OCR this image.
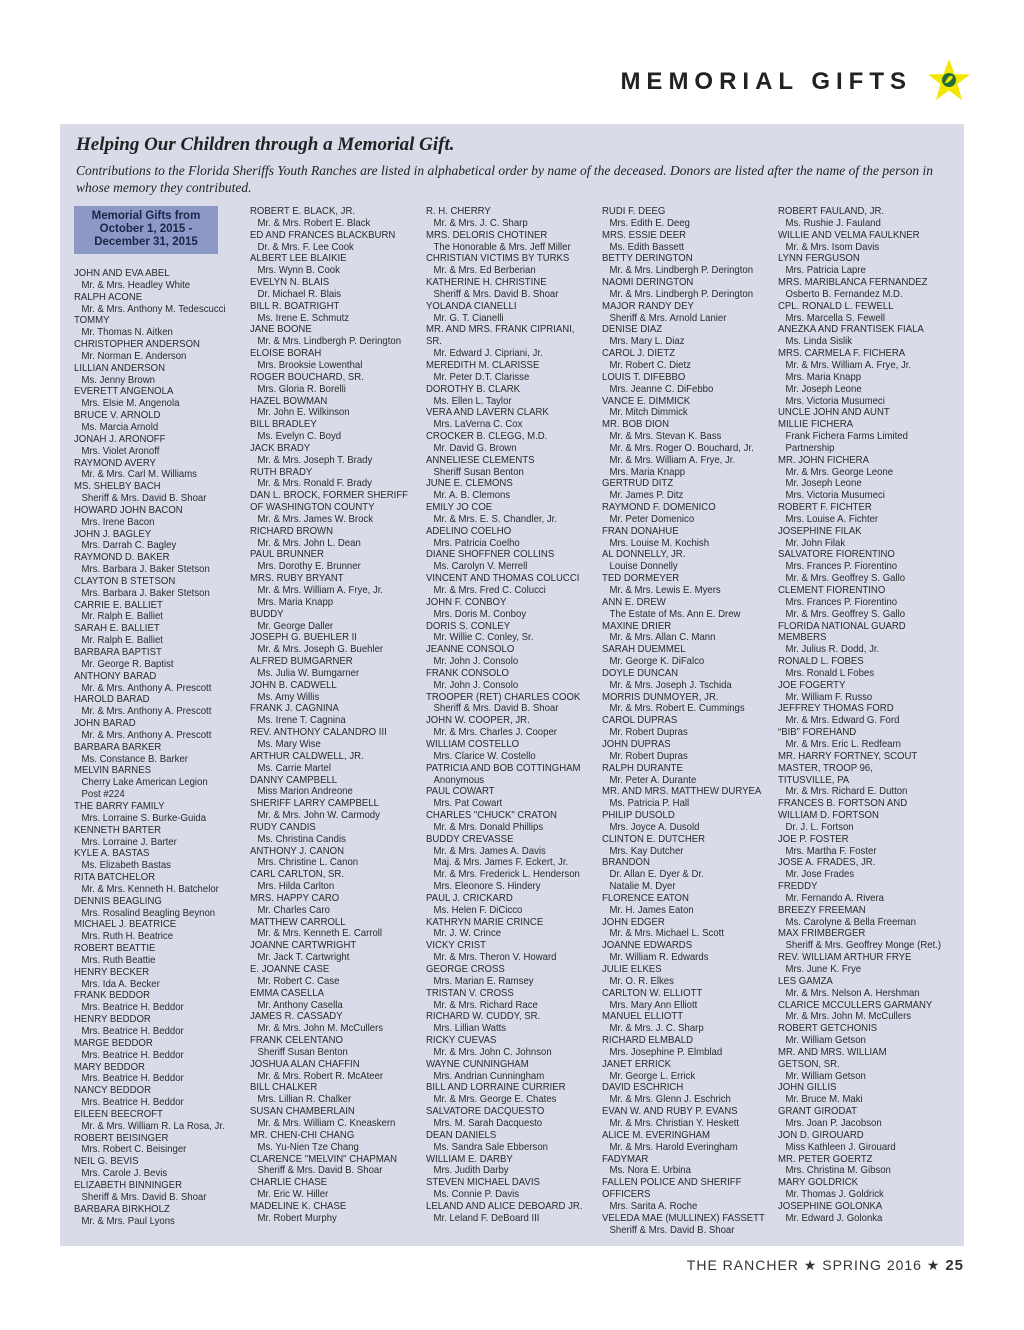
MEMORIAL GIFTS
Helping Our Children through a Memorial Gift.
Contributions to the Florida Sheriffs Youth Ranches are listed in alphabetical order by name of the deceased. Donors are listed after the name of the person in whose memory they contributed.
Memorial Gifts from October 1, 2015 - December 31, 2015
JOHN AND EVA ABEL
Mr. & Mrs. Headley White
RALPH ACONE
Mr. & Mrs. Anthony M. Tedescucci
TOMMY
Mr. Thomas N. Aitken
CHRISTOPHER ANDERSON
Mr. Norman E. Anderson
LILLIAN ANDERSON
Ms. Jenny Brown
EVERETT ANGENOLA
Mrs. Elsie M. Angenola
BRUCE V. ARNOLD
Ms. Marcia Arnold
JONAH J. ARONOFF
Mrs. Violet Aronoff
RAYMOND AVERY
Mr. & Mrs. Carl M. Williams
MS. SHELBY BACH
Sheriff & Mrs. David B. Shoar
HOWARD JOHN BACON
Mrs. Irene Bacon
JOHN J. BAGLEY
Mrs. Darrah C. Bagley
RAYMOND D. BAKER
Mrs. Barbara J. Baker Stetson
CLAYTON B STETSON
Mrs. Barbara J. Baker Stetson
CARRIE E. BALLIET
Mr. Ralph E. Balliet
SARAH E. BALLIET
Mr. Ralph E. Balliet
BARBARA BAPTIST
Mr. George R. Baptist
ANTHONY BARAD
Mr. & Mrs. Anthony A. Prescott
HAROLD BARAD
Mr. & Mrs. Anthony A. Prescott
JOHN BARAD
Mr. & Mrs. Anthony A. Prescott
BARBARA BARKER
Ms. Constance B. Barker
MELVIN BARNES
Cherry Lake American Legion
Post #224
THE BARRY FAMILY
Mrs. Lorraine S. Burke-Guida
KENNETH BARTER
Mrs. Lorraine J. Barter
KYLE A. BASTAS
Ms. Elizabeth Bastas
RITA BATCHELOR
Mr. & Mrs. Kenneth H. Batchelor
DENNIS BEAGLING
Mrs. Rosalind Beagling Beynon
MICHAEL J. BEATRICE
Mrs. Ruth H. Beatrice
ROBERT BEATTIE
Mrs. Ruth Beattie
HENRY BECKER
Mrs. Ida A. Becker
FRANK BEDDOR
Mrs. Beatrice H. Beddor
HENRY BEDDOR
Mrs. Beatrice H. Beddor
MARGE BEDDOR
Mrs. Beatrice H. Beddor
MARY BEDDOR
Mrs. Beatrice H. Beddor
NANCY BEDDOR
Mrs. Beatrice H. Beddor
EILEEN BEECROFT
Mr. & Mrs. William R. La Rosa, Jr.
ROBERT BEISINGER
Mrs. Robert C. Beisinger
NEIL G. BEVIS
Mrs. Carole J. Bevis
ELIZABETH BINNINGER
Sheriff & Mrs. David B. Shoar
BARBARA BIRKHOLZ
Mr. & Mrs. Paul Lyons
ROBERT E. BLACK, JR.
Mr. & Mrs. Robert E. Black
ED AND FRANCES BLACKBURN
Dr. & Mrs. F. Lee Cook
ALBERT LEE BLAIKIE
Mrs. Wynn B. Cook
EVELYN N. BLAIS
Dr. Michael R. Blais
BILL R. BOATRIGHT
Ms. Irene E. Schmutz
JANE BOONE
Mr. & Mrs. Lindbergh P. Derington
ELOISE BORAH
Mrs. Brooksie Lowenthal
ROGER BOUCHARD, SR.
Mrs. Gloria R. Borelli
HAZEL BOWMAN
Mr. John E. Wilkinson
BILL BRADLEY
Ms. Evelyn C. Boyd
JACK BRADY
Mr. & Mrs. Joseph T. Brady
RUTH BRADY
Mr. & Mrs. Ronald F. Brady
DAN L. BROCK, FORMER SHERIFF
OF WASHINGTON COUNTY
Mr. & Mrs. James W. Brock
RICHARD BROWN
Mr. & Mrs. John L. Dean
PAUL BRUNNER
Mrs. Dorothy E. Brunner
MRS. RUBY BRYANT
Mr. & Mrs. William A. Frye, Jr.
Mrs. Maria Knapp
BUDDY
Mr. George Daller
JOSEPH G. BUEHLER II
Mr. & Mrs. Joseph G. Buehler
ALFRED BUMGARNER
Ms. Julia W. Bumgarner
JOHN B. CADWELL
Ms. Amy Willis
FRANK J. CAGNINA
Ms. Irene T. Cagnina
REV. ANTHONY CALANDRO III
Ms. Mary Wise
ARTHUR CALDWELL, JR.
Ms. Carrie Martel
DANNY CAMPBELL
Miss Marion Andreone
SHERIFF LARRY CAMPBELL
Mr. & Mrs. John W. Carmody
RUDY CANDIS
Ms. Christina Candis
ANTHONY J. CANON
Mrs. Christine L. Canon
CARL CARLTON, SR.
Mrs. Hilda Carlton
MRS. HAPPY CARO
Mr. Charles Caro
MATTHEW CARROLL
Mr. & Mrs. Kenneth E. Carroll
JOANNE CARTWRIGHT
Mr. Jack T. Cartwright
E. JOANNE CASE
Mr. Robert C. Case
EMMA CASELLA
Mr. Anthony Casella
JAMES R. CASSADY
Mr. & Mrs. John M. McCullers
FRANK CELENTANO
Sheriff Susan Benton
JOSHUA ALAN CHAFFIN
Mr. & Mrs. Robert R. McAteer
BILL CHALKER
Mrs. Lillian R. Chalker
SUSAN CHAMBERLAIN
Mr. & Mrs. William C. Kneaskern
MR. CHEN-CHI CHANG
Ms. Yu-Nien Tze Chang
CLARENCE "MELVIN" CHAPMAN
Sheriff & Mrs. David B. Shoar
CHARLIE CHASE
Mr. Eric W. Hiller
MADELINE K. CHASE
Mr. Robert Murphy
R. H. CHERRY
Mr. & Mrs. J. C. Sharp
MRS. DELORIS CHOTINER
The Honorable & Mrs. Jeff Miller
CHRISTIAN VICTIMS BY TURKS
Mr. & Mrs. Ed Berberian
KATHERINE H. CHRISTINE
Sheriff & Mrs. David B. Shoar
YOLANDA CIANELLI
Mr. G. T. Cianelli
MR. AND MRS. FRANK CIPRIANI,
SR.
Mr. Edward J. Cipriani, Jr.
MEREDITH M. CLARISSE
Mr. Peter D.T. Clarisse
DOROTHY B. CLARK
Ms. Ellen L. Taylor
VERA AND LAVERN CLARK
Mrs. LaVerna C. Cox
CROCKER B. CLEGG, M.D.
Mr. David G. Brown
ANNELIESE CLEMENTS
Sheriff Susan Benton
JUNE E. CLEMONS
Mr. A. B. Clemons
EMILY JO COE
Mr. & Mrs. E. S. Chandler, Jr.
ADELINO COELHO
Mrs. Patricia Coelho
DIANE SHOFFNER COLLINS
Ms. Carolyn V. Merrell
VINCENT AND THOMAS COLUCCI
Mr. & Mrs. Fred C. Colucci
JOHN F. CONBOY
Mrs. Doris M. Conboy
DORIS S. CONLEY
Mr. Willie C. Conley, Sr.
JEANNE CONSOLO
Mr. John J. Consolo
FRANK CONSOLO
Mr. John J. Consolo
TROOPER (RET) CHARLES COOK
Sheriff & Mrs. David B. Shoar
JOHN W. COOPER, JR.
Mr. & Mrs. Charles J. Cooper
WILLIAM COSTELLO
Mrs. Clarice W. Costello
PATRICIA AND BOB COTTINGHAM
Anonymous
PAUL COWART
Mrs. Pat Cowart
CHARLES "CHUCK" CRATON
Mr. & Mrs. Donald Phillips
BUDDY CREVASSE
Mr. & Mrs. James A. Davis
Maj. & Mrs. James F. Eckert, Jr.
Mr. & Mrs. Frederick L. Henderson
Mrs. Eleonore S. Hindery
PAUL J. CRICKARD
Ms. Helen F. DiCicco
KATHRYN MARIE CRINCE
Mr. J. W. Crince
VICKY CRIST
Mr. & Mrs. Theron V. Howard
GEORGE CROSS
Mrs. Marian E. Ramsey
TRISTAN V. CROSS
Mr. & Mrs. Richard Race
RICHARD W. CUDDY, SR.
Mrs. Lillian Watts
RICKY CUEVAS
Mr. & Mrs. John C. Johnson
WAYNE CUNNINGHAM
Mrs. Andrian Cunningham
BILL AND LORRAINE CURRIER
Mr. & Mrs. George E. Chates
SALVATORE DACQUESTO
Mrs. M. Sarah Dacquesto
DEAN DANIELS
Ms. Sandra Sale Ebberson
WILLIAM E. DARBY
Mrs. Judith Darby
STEVEN MICHAEL DAVIS
Ms. Connie P. Davis
LELAND AND ALICE DEBOARD JR.
Mr. Leland F. DeBoard III
RUDI F. DEEG
Mrs. Edith E. Deeg
MRS. ESSIE DEER
Ms. Edith Bassett
BETTY DERINGTON
Mr. & Mrs. Lindbergh P. Derington
NAOMI DERINGTON
Mr. & Mrs. Lindbergh P. Derington
MAJOR RANDY DEY
Sheriff & Mrs. Arnold Lanier
DENISE DIAZ
Mrs. Mary L. Diaz
CAROL J. DIETZ
Mr. Robert C. Dietz
LOUIS T. DIFEBBO
Mrs. Jeanne C. DiFebbo
VANCE E. DIMMICK
Mr. Mitch Dimmick
MR. BOB DION
Mr. & Mrs. Stevan K. Bass
Mr. & Mrs. Roger O. Bouchard, Jr.
Mr. & Mrs. William A. Frye, Jr.
Mrs. Maria Knapp
GERTRUD DITZ
Mr. James P. Ditz
RAYMOND F. DOMENICO
Mr. Peter Domenico
FRAN DONAHUE
Mrs. Louise M. Kochish
AL DONNELLY, JR.
Louise Donnelly
TED DORMEYER
Mr. & Mrs. Lewis E. Myers
ANN E. DREW
The Estate of Ms. Ann E. Drew
MAXINE DRIER
Mr. & Mrs. Allan C. Mann
SARAH DUEMMEL
Mr. George K. DiFalco
DOYLE DUNCAN
Mr. & Mrs. Joseph J. Tschida
MORRIS DUNMOYER, JR.
Mr. & Mrs. Robert E. Cummings
CAROL DUPRAS
Mr. Robert Dupras
JOHN DUPRAS
Mr. Robert Dupras
RALPH DURANTE
Mr. Peter A. Durante
MR. AND MRS. MATTHEW DURYEA
Ms. Patricia P. Hall
PHILIP DUSOLD
Mrs. Joyce A. Dusold
CLINTON E. DUTCHER
Mrs. Kay Dutcher
BRANDON
Dr. Allan E. Dyer & Dr.
Natalie M. Dyer
FLORENCE EATON
Mr. H. James Eaton
JOHN EDGER
Mr. & Mrs. Michael L. Scott
JOANNE EDWARDS
Mr. William R. Edwards
JULIE ELKES
Mr. O. R. Elkes
CARLTON W. ELLIOTT
Mrs. Mary Ann Elliott
MANUEL ELLIOTT
Mr. & Mrs. J. C. Sharp
RICHARD ELMBALD
Mrs. Josephine P. Elmblad
JANET ERRICK
Mr. George L. Errick
DAVID ESCHRICH
Mr. & Mrs. Glenn J. Eschrich
EVAN W. AND RUBY P. EVANS
Mr. & Mrs. Christian Y. Heskett
ALICE M. EVERINGHAM
Mr. & Mrs. Harold Everingham
FADYMAR
Ms. Nora E. Urbina
FALLEN POLICE AND SHERIFF
OFFICERS
Mrs. Sarita A. Roche
VELEDA MAE (MULLINEX) FASSETT
Sheriff & Mrs. David B. Shoar
ROBERT FAULAND, JR.
Ms. Rushie J. Fauland
WILLIE AND VELMA FAULKNER
Mr. & Mrs. Isom Davis
LYNN FERGUSON
Mrs. Patricia Lapre
MRS. MARIBLANCA FERNANDEZ
Osberto B. Fernandez M.D.
CPL. RONALD L. FEWELL
Mrs. Marcella S. Fewell
ANEZKA AND FRANTISEK FIALA
Ms. Linda Sislik
MRS. CARMELA F. FICHERA
Mr. & Mrs. William A. Frye, Jr.
Mrs. Maria Knapp
Mr. Joseph Leone
Mrs. Victoria Musumeci
UNCLE JOHN AND AUNT
MILLIE FICHERA
Frank Fichera Farms Limited
Partnership
MR. JOHN FICHERA
Mr. & Mrs. George Leone
Mr. Joseph Leone
Mrs. Victoria Musumeci
ROBERT F. FICHTER
Mrs. Louise A. Fichter
JOSEPHINE FILAK
Mr. John Filak
SALVATORE FIORENTINO
Mrs. Frances P. Fiorentino
Mr. & Mrs. Geoffrey S. Gallo
CLEMENT FIORENTINO
Mrs. Frances P. Fiorentino
Mr. & Mrs. Geoffrey S. Gallo
FLORIDA NATIONAL GUARD
MEMBERS
Mr. Julius R. Dodd, Jr.
RONALD L. FOBES
Mrs. Ronald L Fobes
JOE FOGERTY
Mr. William F. Russo
JEFFREY THOMAS FORD
Mr. & Mrs. Edward G. Ford
“BIB” FOREHAND
Mr. & Mrs. Eric L. Redfearn
MR. HARRY FORTNEY, SCOUT
MASTER, TROOP 96,
TITUSVILLE, PA
Mr. & Mrs. Richard E. Dutton
FRANCES B. FORTSON AND
WILLIAM D. FORTSON
Dr. J. L. Fortson
JOE P. FOSTER
Mrs. Martha F. Foster
JOSE A. FRADES, JR.
Mr. Jose Frades
FREDDY
Mr. Fernando A. Rivera
BREEZY FREEMAN
Ms. Carolyne & Bella Freeman
MAX FRIMBERGER
Sheriff & Mrs. Geoffrey Monge (Ret.)
REV. WILLIAM ARTHUR FRYE
Mrs. June K. Frye
LES GAMZA
Mr. & Mrs. Nelson A. Hershman
CLARICE MCCULLERS GARMANY
Mr. & Mrs. John M. McCullers
ROBERT GETCHONIS
Mr. William Getson
MR. AND MRS. WILLIAM
GETSON, SR.
Mr. William Getson
JOHN GILLIS
Mr. Bruce M. Maki
GRANT GIRODAT
Mrs. Joan P. Jacobson
JON D. GIROUARD
Miss Kathleen J. Girouard
MR. PETER GOERTZ
Mrs. Christina M. Gibson
MARY GOLDRICK
Mr. Thomas J. Goldrick
JOSEPHINE GOLONKA
Mr. Edward J. Golonka
THE RANCHER ★ SPRING 2016 ★ 25
